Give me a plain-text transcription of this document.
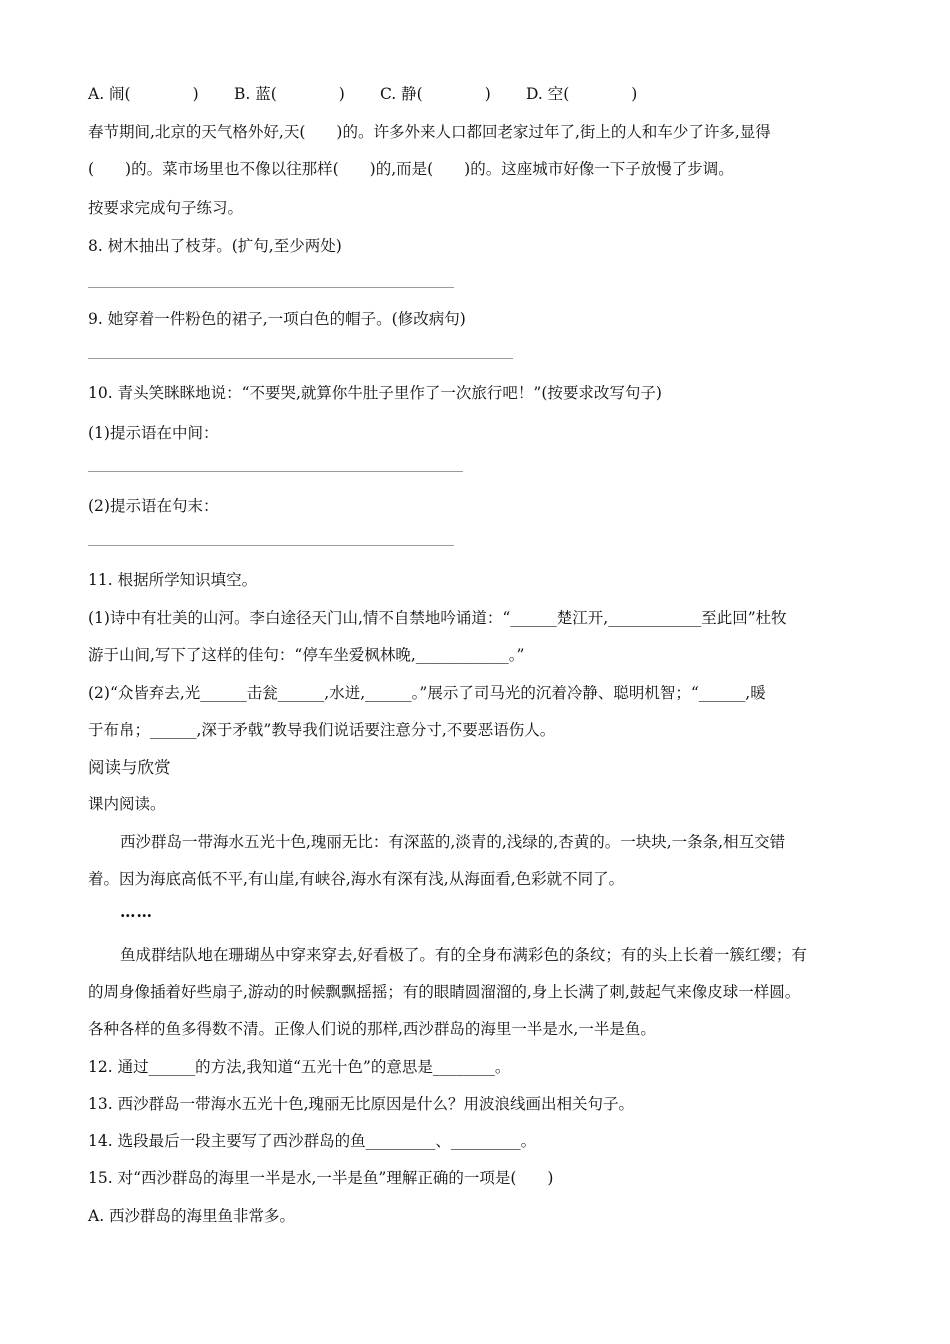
A. 闹(　　　　)	B. 蓝(　　　　)	C. 静(　　　　)	D. 空(　　　　)
春节期间,北京的天气格外好,天(　　)的。许多外来人口都回老家过年了,街上的人和车少了许多,显得
(　　)的。菜市场里也不像以往那样(　　)的,而是(　　)的。这座城市好像一下子放慢了步调。
按要求完成句子练习。
8. 树木抽出了枝芽。(扩句,至少两处)
9. 她穿着一件粉色的裙子,一项白色的帽子。(修改病句)
10. 青头笑眯眯地说：“不要哭,就算你牛肚子里作了一次旅行吧！”(按要求改写句子)
(1)提示语在中间：
(2)提示语在句末：
11. 根据所学知识填空。
(1)诗中有壮美的山河。李白途径天门山,情不自禁地吟诵道：“______楚江开,____________至此回”杜牧
游于山间,写下了这样的佳句：“停车坐爱枫林晚,____________。”
(2)“众皆弃去,光______击瓮______,水迸,______。”展示了司马光的沉着冷静、聪明机智；“______,暖
于布帛；______,深于矛戟”教导我们说话要注意分寸,不要恶语伤人。
阅读与欣赏
课内阅读。
西沙群岛一带海水五光十色,瑰丽无比：有深蓝的,淡青的,浅绿的,杏黄的。一块块,一条条,相互交错
着。因为海底高低不平,有山崖,有峡谷,海水有深有浅,从海面看,色彩就不同了。
……
鱼成群结队地在珊瑚丛中穿来穿去,好看极了。有的全身布满彩色的条纹；有的头上长着一簇红缨；有
的周身像插着好些扇子,游动的时候飘飘摇摇；有的眼睛圆溜溜的,身上长满了刺,鼓起气来像皮球一样圆。
各种各样的鱼多得数不清。正像人们说的那样,西沙群岛的海里一半是水,一半是鱼。
12. 通过______的方法,我知道“五光十色”的意思是________。
13. 西沙群岛一带海水五光十色,瑰丽无比原因是什么？用波浪线画出相关句子。
14. 选段最后一段主要写了西沙群岛的鱼_________、_________。
15. 对“西沙群岛的海里一半是水,一半是鱼”理解正确的一项是(　　)
A. 西沙群岛的海里鱼非常多。
